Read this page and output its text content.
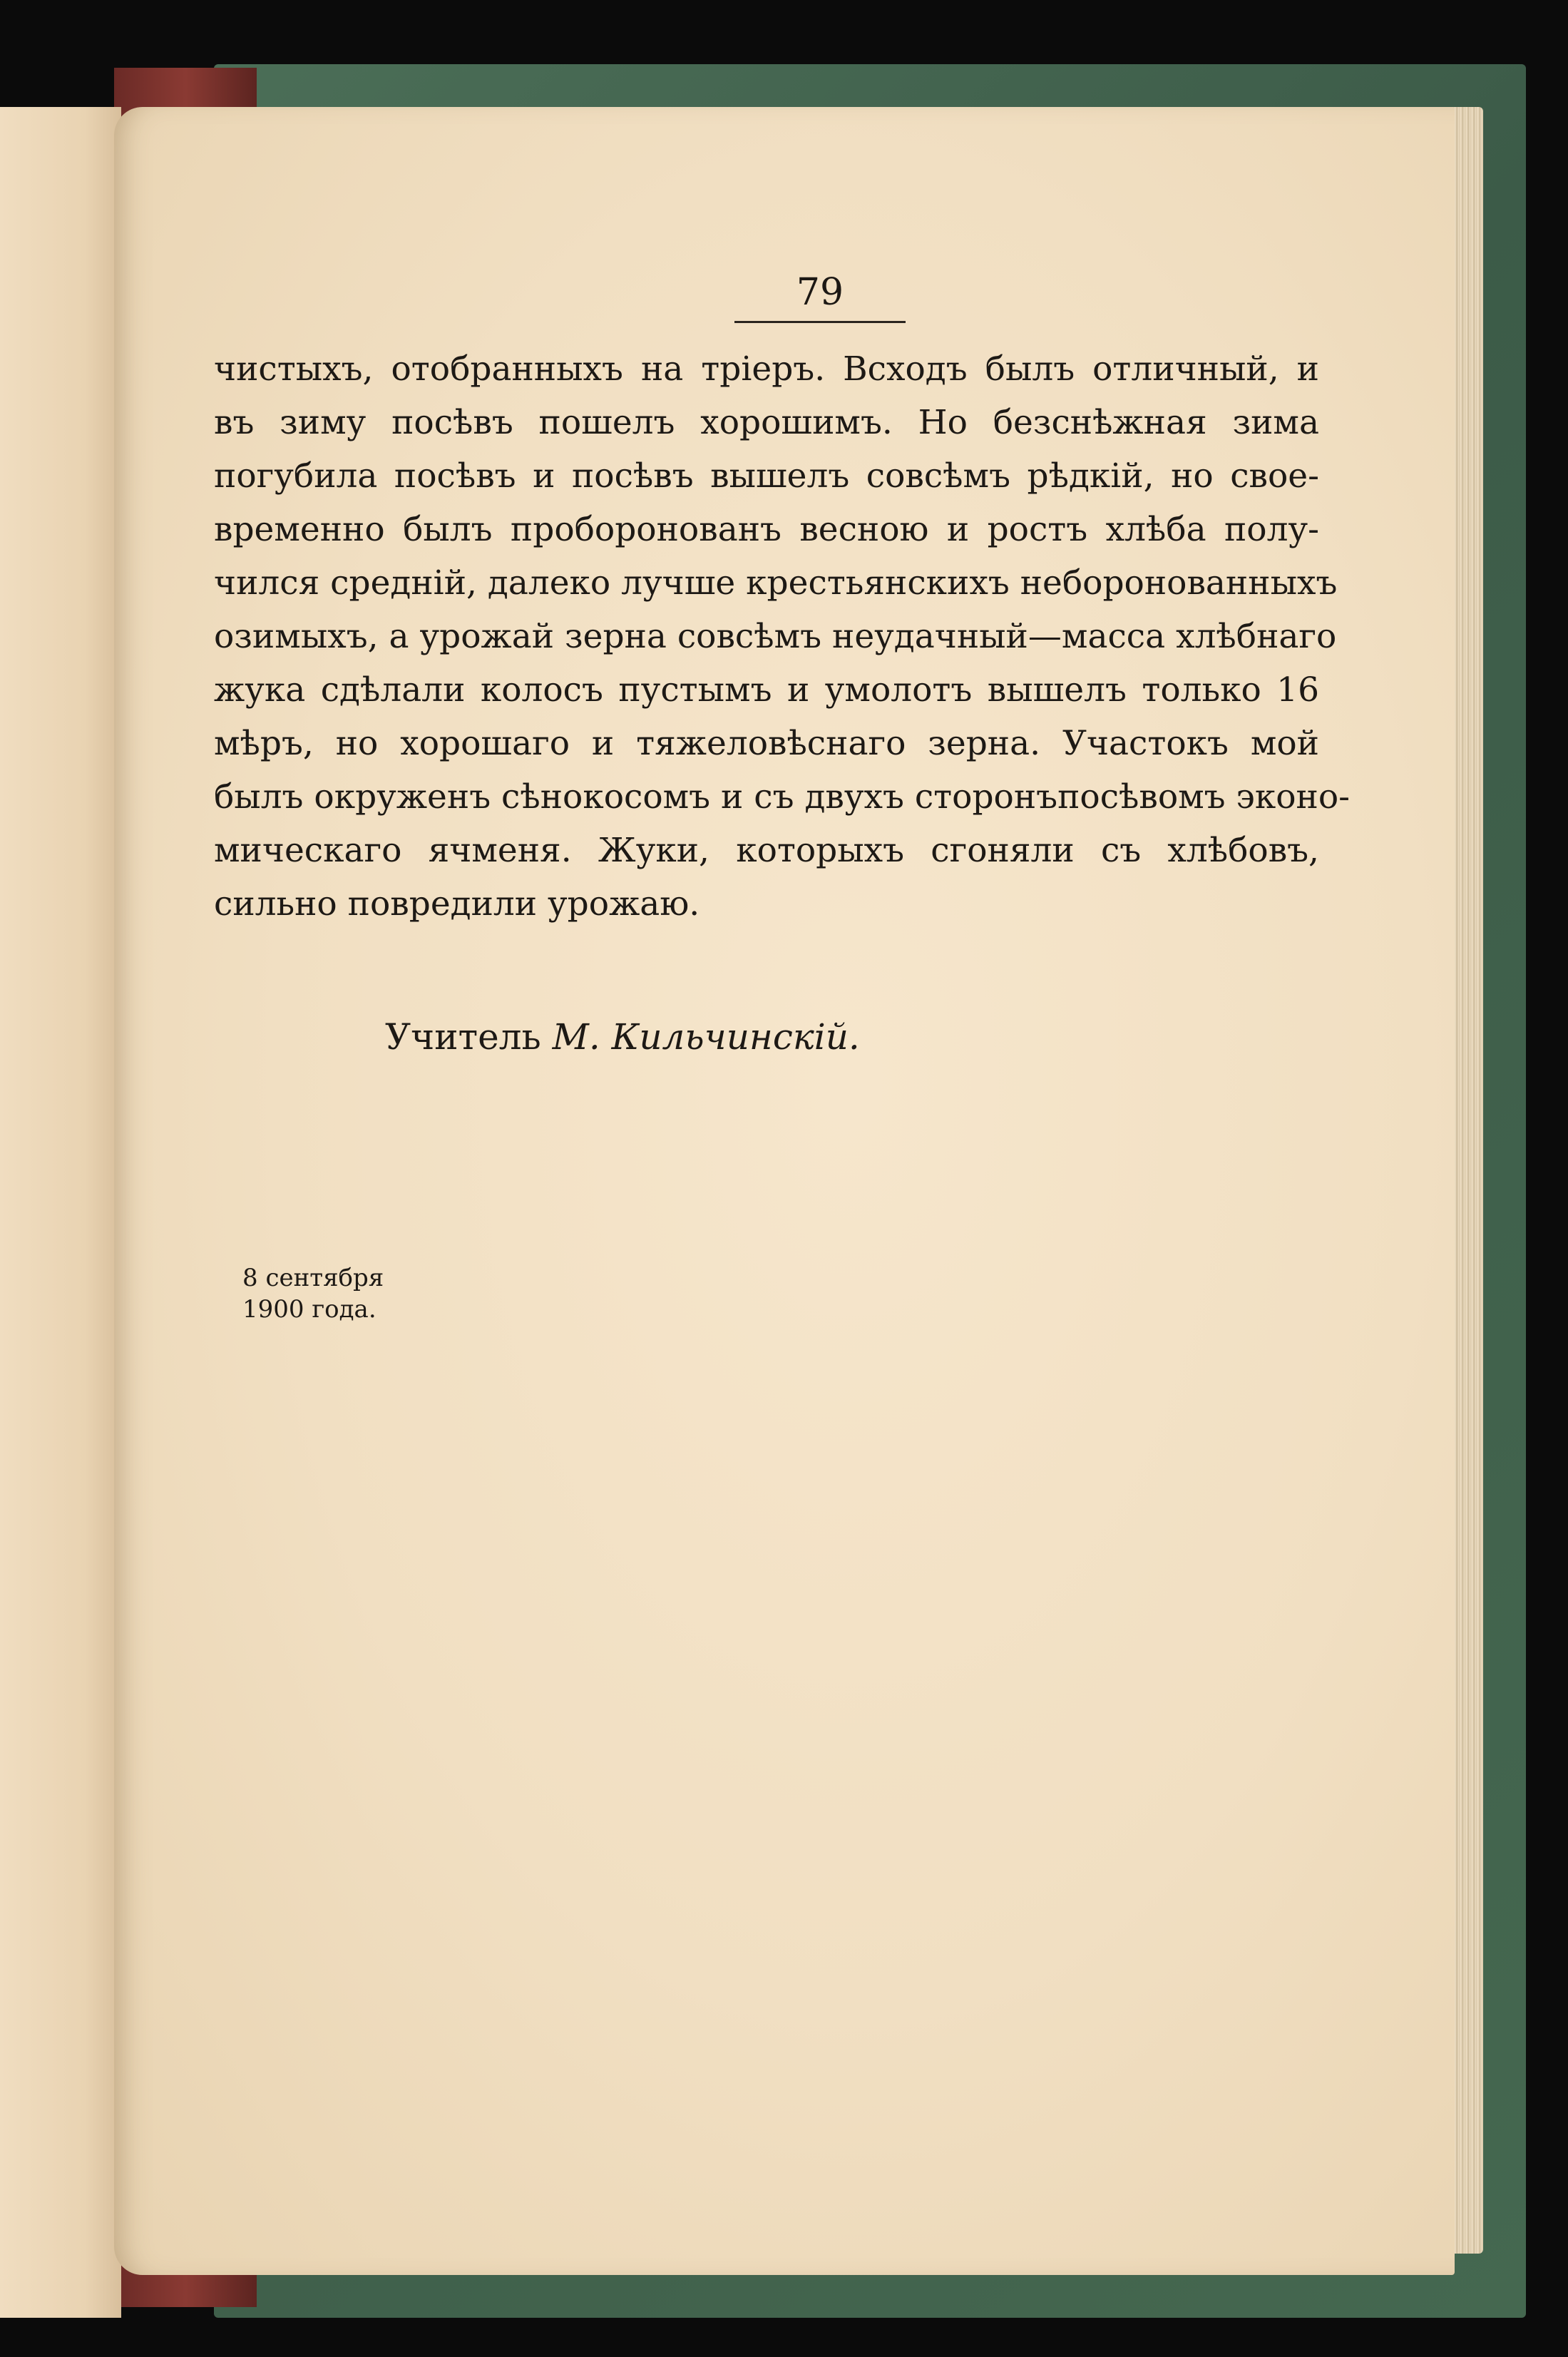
79
чистыхъ, отобранныхъ на тріеръ. Всходъ былъ отличный, и
въ зиму посѣвъ пошелъ хорошимъ. Но безснѣжная зима
погубила посѣвъ и посѣвъ вышелъ совсѣмъ рѣдкій, но свое-
временно былъ проборонованъ весною и ростъ хлѣба полу-
чился средній, далеко лучше крестьянскихъ неборонованныхъ
озимыхъ, а урожай зерна совсѣмъ неудачный—масса хлѣбнаго
жука сдѣлали колосъ пустымъ и умолотъ вышелъ только 16
мѣръ, но хорошаго и тяжеловѣснаго зерна. Участокъ мой
былъ окруженъ сѣнокосомъ и съ двухъ сторонъпосѣвомъ эконо-
мическаго ячменя. Жуки, которыхъ сгоняли съ хлѣбовъ,
сильно повредили урожаю.
Учитель М. Кильчинскій.
8 сентября
1900 года.
